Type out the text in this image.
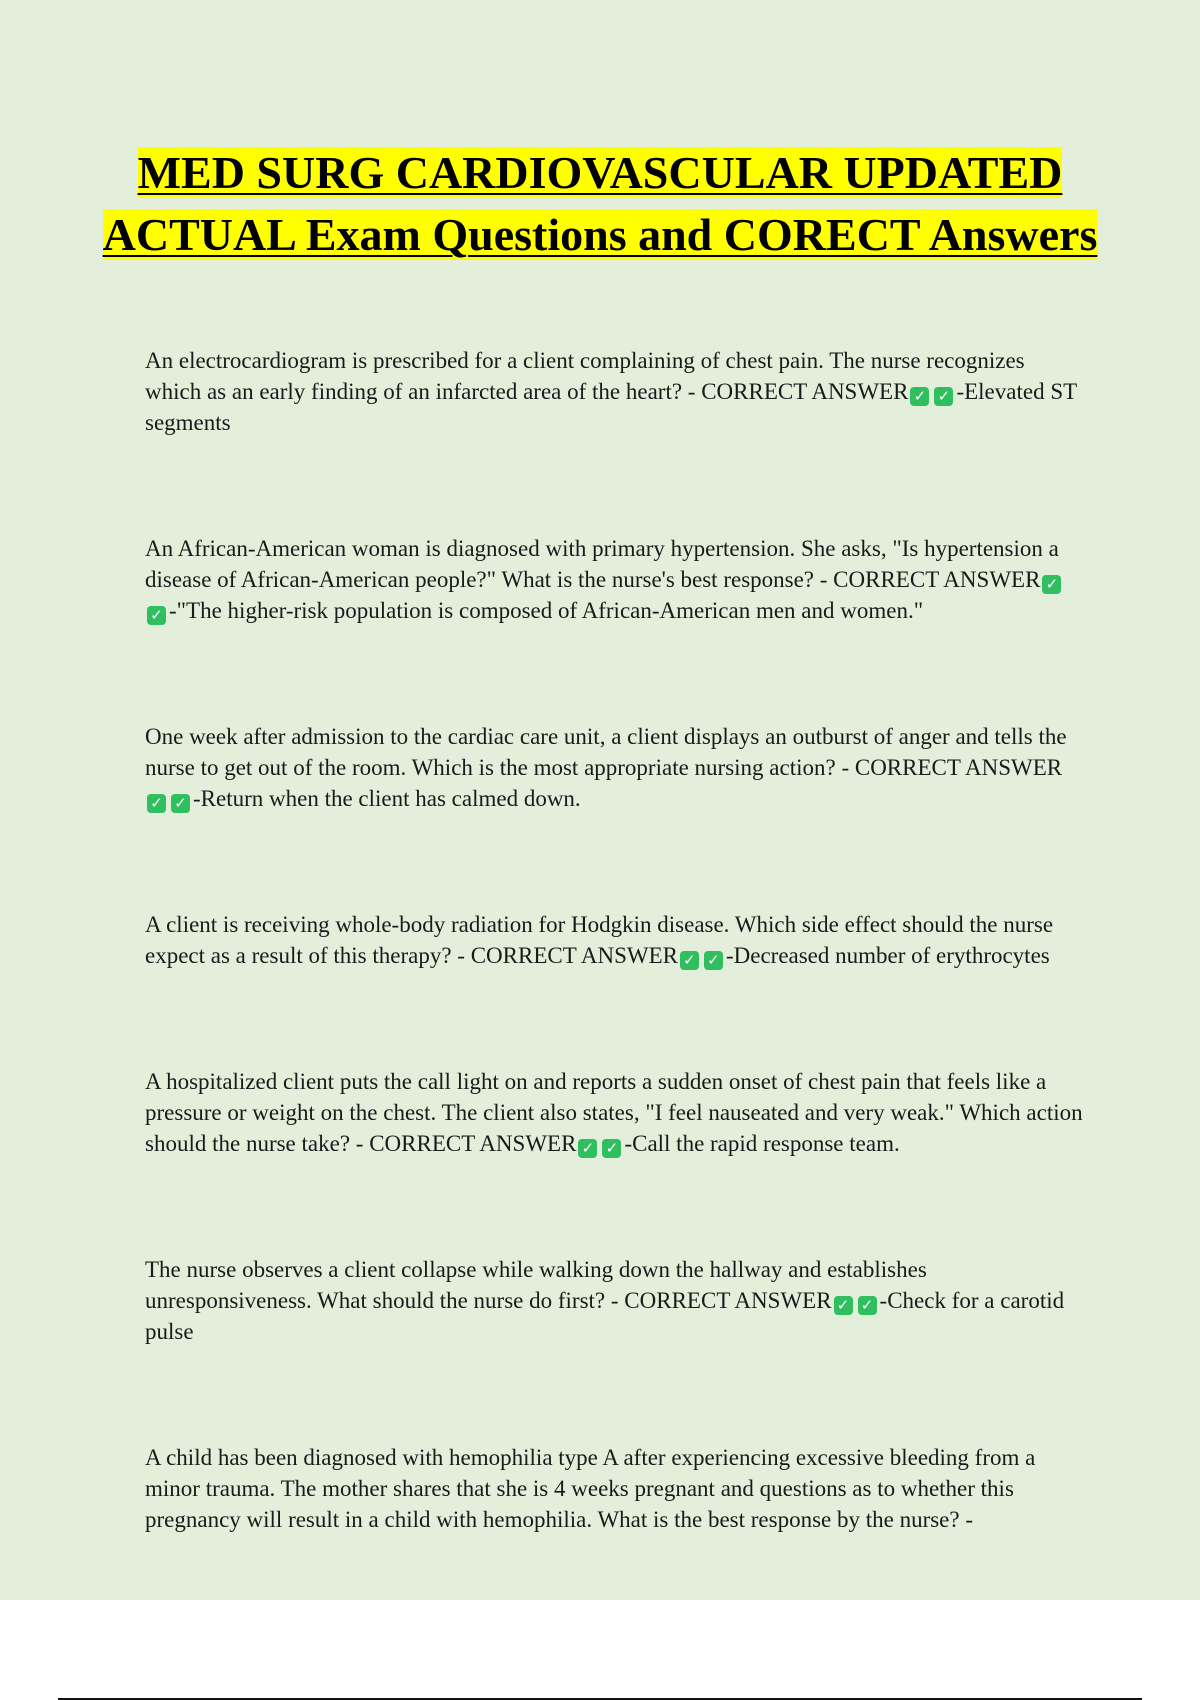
MED SURG CARDIOVASCULAR UPDATED ACTUAL Exam Questions and CORECT Answers

An electrocardiogram is prescribed for a client complaining of chest pain. The nurse recognizes which as an early finding of an infarcted area of the heart? - CORRECT ANSWER ✓ ✓ -Elevated ST segments

An African-American woman is diagnosed with primary hypertension. She asks, "Is hypertension a disease of African-American people?" What is the nurse's best response? - CORRECT ANSWER ✓✓ -"The higher-risk population is composed of African-American men and women."

One week after admission to the cardiac care unit, a client displays an outburst of anger and tells the nurse to get out of the room. Which is the most appropriate nursing action? - CORRECT ANSWER✓ ✓ -Return when the client has calmed down.

A client is receiving whole-body radiation for Hodgkin disease. Which side effect should the nurse expect as a result of this therapy? - CORRECT ANSWER ✓ ✓ -Decreased number of erythrocytes

A hospitalized client puts the call light on and reports a sudden onset of chest pain that feels like a pressure or weight on the chest. The client also states, "I feel nauseated and very weak." Which action should the nurse take? - CORRECT ANSWER ✓ ✓ -Call the rapid response team.

The nurse observes a client collapse while walking down the hallway and establishes unresponsiveness. What should the nurse do first? - CORRECT ANSWER ✓ ✓ -Check for a carotid pulse

A child has been diagnosed with hemophilia type A after experiencing excessive bleeding from a minor trauma. The mother shares that she is 4 weeks pregnant and questions as to whether this pregnancy will result in a child with hemophilia. What is the best response by the nurse? -
